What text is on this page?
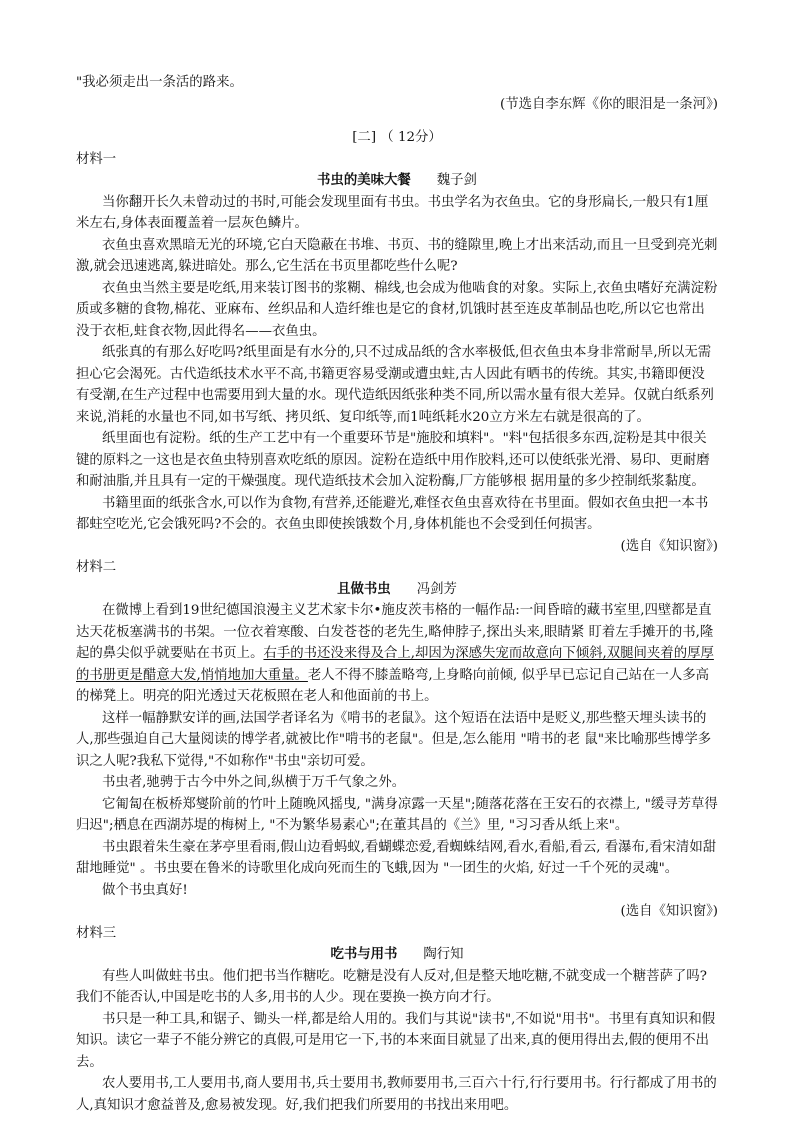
"我必须走出一条活的路来。

(节选自李东辉《你的眼泪是一条河》)

[二] （ 12分）

材料一

书虫的美味大餐 魏子剑

当你翻开长久未曾动过的书时,可能会发现里面有书虫。书虫学名为衣鱼虫。它的身形扁长,一般只有1厘米左右,身体表面覆盖着一层灰色鳞片。

衣鱼虫喜欢黑暗无光的环境,它白天隐蔽在书堆、书页、书的缝隙里,晚上才出来活动,而且一旦受到亮光刺激,就会迅速逃离,躲进暗处。那么,它生活在书页里都吃些什么呢?

衣鱼虫当然主要是吃纸,用来装订图书的浆糊、棉线,也会成为他啮食的对象。实际上,衣鱼虫嗜好充满淀粉质或多糖的食物,棉花、亚麻布、丝织品和人造纤维也是它的食材,饥饿时甚至连皮革制品也吃,所以它也常出没于衣柜,蛀食衣物,因此得名——衣鱼虫。

纸张真的有那么好吃吗?纸里面是有水分的,只不过成品纸的含水率极低,但衣鱼虫本身非常耐旱,所以无需担心它会渴死。古代造纸技术水平不高,书籍更容易受潮或遭虫蛀,古人因此有晒书的传统。其实,书籍即便没有受潮,在生产过程中也需要用到大量的水。现代造纸因纸张种类不同,所以需水量有很大差异。仅就白纸系列来说,消耗的水量也不同,如书写纸、拷贝纸、复印纸等,而1吨纸耗水20立方米左右就是很高的了。

纸里面也有淀粉。纸的生产工艺中有一个重要环节是"施胶和填料"。"料"包括很多东西,淀粉是其中很关键的原料之一这也是衣鱼虫特别喜欢吃纸的原因。淀粉在造纸中用作胶料,还可以使纸张光滑、易印、更耐磨和耐油脂,并且具有一定的干燥强度。现代造纸技术会加入淀粉酶,厂方能够根 据用量的多少控制纸浆黏度。

书籍里面的纸张含水,可以作为食物,有营养,还能避光,难怪衣鱼虫喜欢待在书里面。假如衣鱼虫把一本书都蛀空吃光,它会饿死吗?不会的。衣鱼虫即使挨饿数个月,身体机能也不会受到任何损害。

(选自《知识窗》)

材料二

且做书虫 冯剑芳

在微博上看到19世纪德国浪漫主义艺术家卡尔•施皮茨韦格的一幅作品:一间昏暗的藏书室里,四壁都是直达天花板塞满书的书架。一位衣着寒酸、白发苍苍的老先生,略伸脖子,探出头来,眼睛紧 盯着左手摊开的书,隆起的鼻尖似乎就要贴在书页上。右手的书还没来得及合上,却因为深感失宠而故意向下倾斜,双腿间夹着的厚厚的书册更是醋意大发,悄悄地加大重量。老人不得不膝盖略弯,上身略向前倾, 似乎早已忘记自己站在一人多高的梯凳上。明亮的阳光透过天花板照在老人和他面前的书上。

这样一幅静默安详的画,法国学者译名为《啃书的老鼠》。这个短语在法语中是贬义,那些整天埋头读书的人,那些强迫自己大量阅读的博学者,就被比作"啃书的老鼠"。但是,怎么能用 "啃书的老 鼠"来比喻那些博学多识之人呢?我私下觉得,"不如称作"书虫"亲切可爱。

书虫者,驰骋于古今中外之间,纵横于万千气象之外。

它匍匐在板桥郑燮阶前的竹叶上随晚风摇曳, "满身凉露一天星";随落花落在王安石的衣襟上, "缓寻芳草得归迟";栖息在西湖苏堤的梅树上, "不为繁华易素心";在董其昌的《兰》里, "习习香从纸上来"。

书虫跟着朱生豪在茅亭里看雨,假山边看蚂蚁,看蝴蝶恋爱,看蜘蛛结网,看水,看船,看云, 看瀑布,看宋清如甜甜地睡觉" 。书虫要在鲁米的诗歌里化成向死而生的飞蛾,因为 "一团生的火焰, 好过一千个死的灵魂"。

做个书虫真好!

(选自《知识窗》)

材料三

吃书与用书 陶行知

有些人叫做蛀书虫。他们把书当作糖吃。吃糖是没有人反对,但是整天地吃糖,不就变成一个糖菩萨了吗?我们不能否认,中国是吃书的人多,用书的人少。现在要换一换方向才行。

书只是一种工具,和锯子、锄头一样,都是给人用的。我们与其说"读书",不如说"用书"。书里有真知识和假知识。读它一辈子不能分辨它的真假,可是用它一下,书的本来面目就显了出来,真的便用得出去,假的便用不出去。

农人要用书,工人要用书,商人要用书,兵士要用书,教师要用书,三百六十行,行行要用书。行行都成了用书的人,真知识才愈益普及,愈易被发现。好,我们把我们所要用的书找出来用吧。
